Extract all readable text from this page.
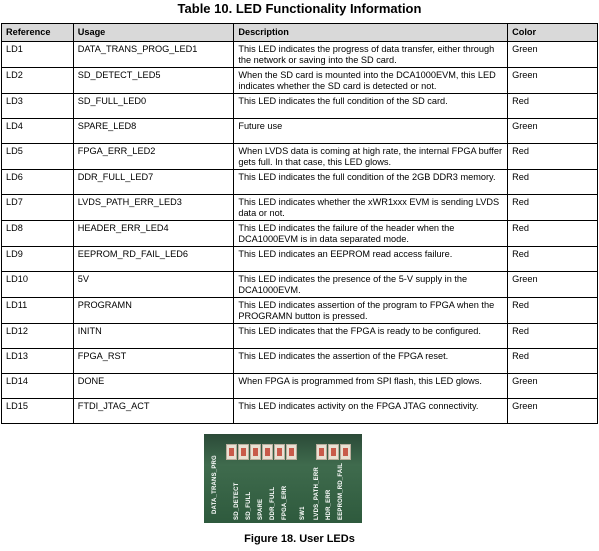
Table 10. LED Functionality Information
Reference	Usage	Description	Color
LD1	DATA_TRANS_PROG_LED1	This LED indicates the progress of data transfer, either through the network or saving into the SD card.	Green
LD2	SD_DETECT_LED5	When the SD card is mounted into the DCA1000EVM, this LED indicates whether the SD card is detected or not.	Green
LD3	SD_FULL_LED0	This LED indicates the full condition of the SD card.	Red
LD4	SPARE_LED8	Future use	Green
LD5	FPGA_ERR_LED2	When LVDS data is coming at high rate, the internal FPGA buffer gets full. In that case, this LED glows.	Red
LD6	DDR_FULL_LED7	This LED indicates the full condition of the 2GB DDR3 memory.	Red
LD7	LVDS_PATH_ERR_LED3	This LED indicates whether the xWR1xxx EVM is sending LVDS data or not.	Red
LD8	HEADER_ERR_LED4	This LED indicates the failure of the header when the DCA1000EVM is in data separated mode.	Red
LD9	EEPROM_RD_FAIL_LED6	This LED indicates an EEPROM read access failure.	Red
LD10	5V	This LED indicates the presence of the 5-V supply in the DCA1000EVM.	Green
LD11	PROGRAMN	This LED indicates assertion of the program to FPGA when the PROGRAMN button is pressed.	Red
LD12	INITN	This LED indicates that the FPGA is ready to be configured.	Red
LD13	FPGA_RST	This LED indicates the assertion of the FPGA reset.	Red
LD14	DONE	When FPGA is programmed from SPI flash, this LED glows.	Green
LD15	FTDI_JTAG_ACT	This LED indicates activity on the FPGA JTAG connectivity.	Green
DATA_TRANS_PRG	SD_DETECT SD_FULL SPARE DDR_FULL FPGA_ERR SW1 LVDS_PATH_ERR HDR_ERR EEPROM_RD_FAIL
Figure 18. User LEDs
